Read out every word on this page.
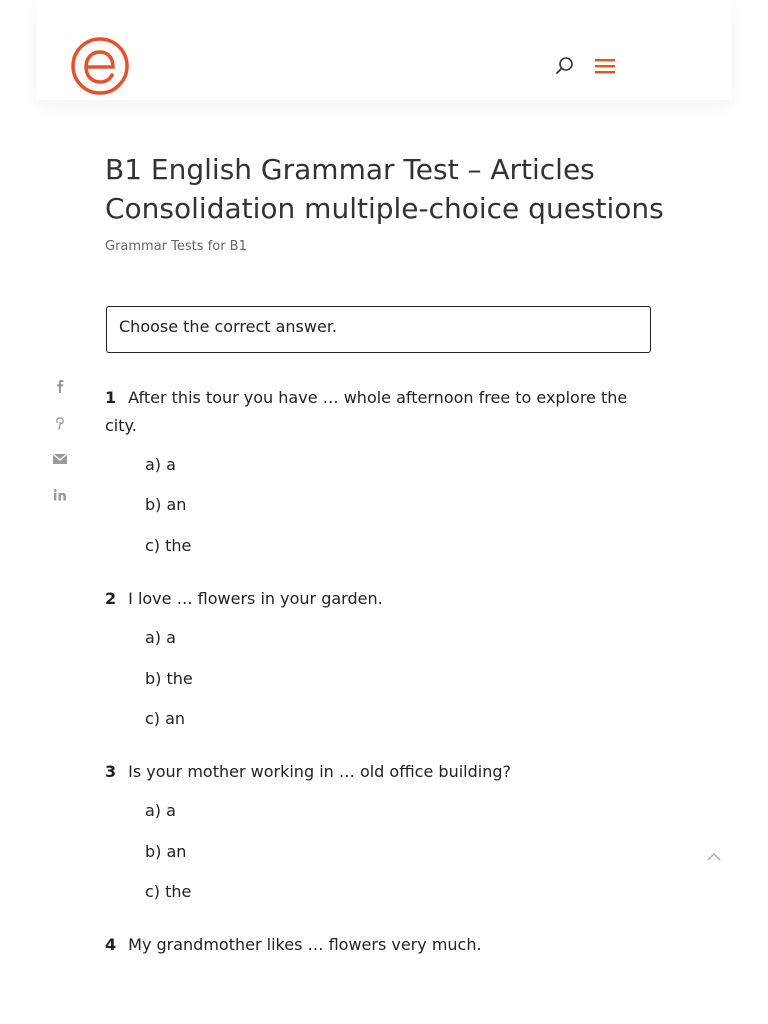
B1 English Grammar Test – Articles Consolidation multiple-choice questions
Grammar Tests for B1
Choose the correct answer.

1 After this tour you have … whole afternoon free to explore the city.

a) a
b) an
c) the

2 I love … flowers in your garden.

a) a
b) the
c) an

3 Is your mother working in … old office building?

a) a
b) an
c) the

4 My grandmother likes … flowers very much.
